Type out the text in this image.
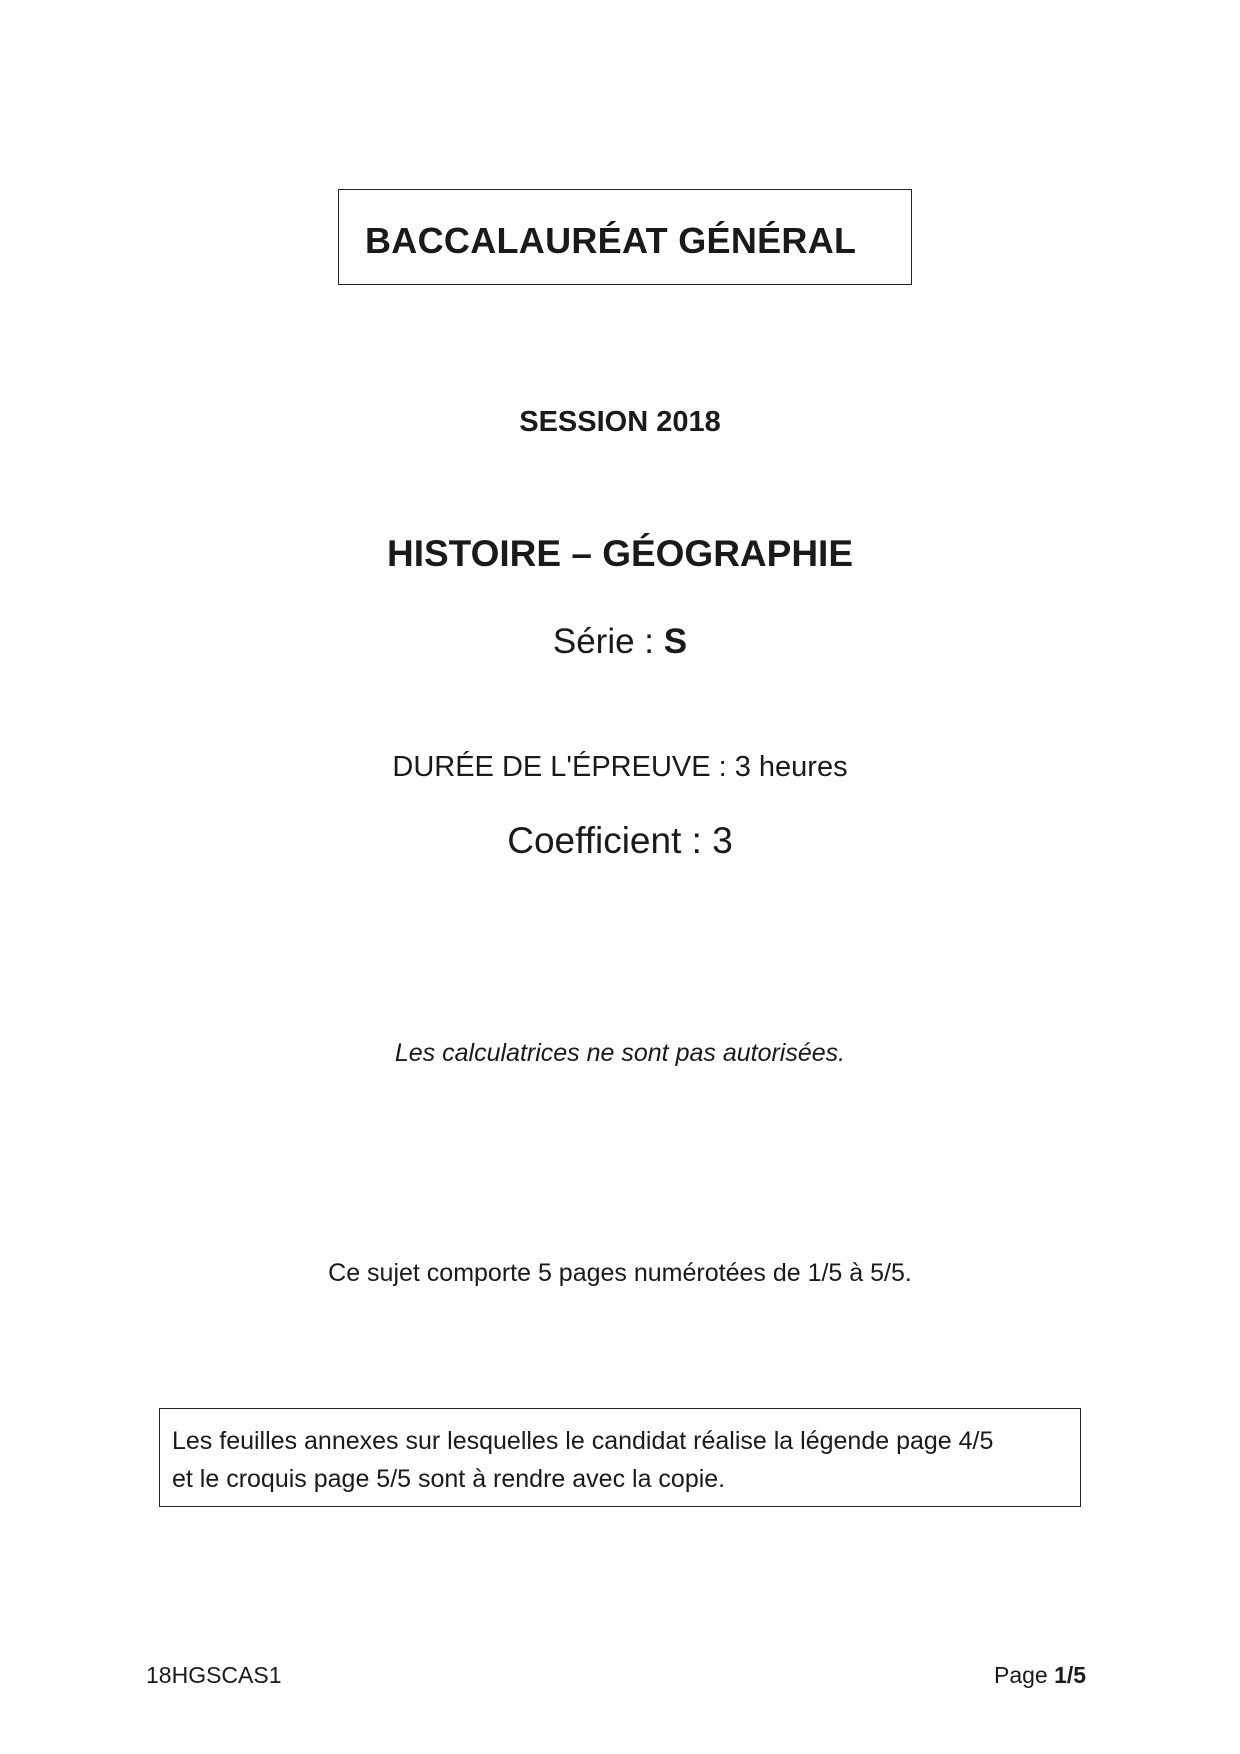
BACCALAURÉAT GÉNÉRAL
SESSION 2018
HISTOIRE – GÉOGRAPHIE
Série : S
DURÉE DE L'ÉPREUVE : 3 heures
Coefficient : 3
Les calculatrices ne sont pas autorisées.
Ce sujet comporte 5 pages numérotées de 1/5 à 5/5.
Les feuilles annexes sur lesquelles le candidat réalise la légende page 4/5
et le croquis page 5/5 sont à rendre avec la copie.
18HGSCAS1	Page 1/5
